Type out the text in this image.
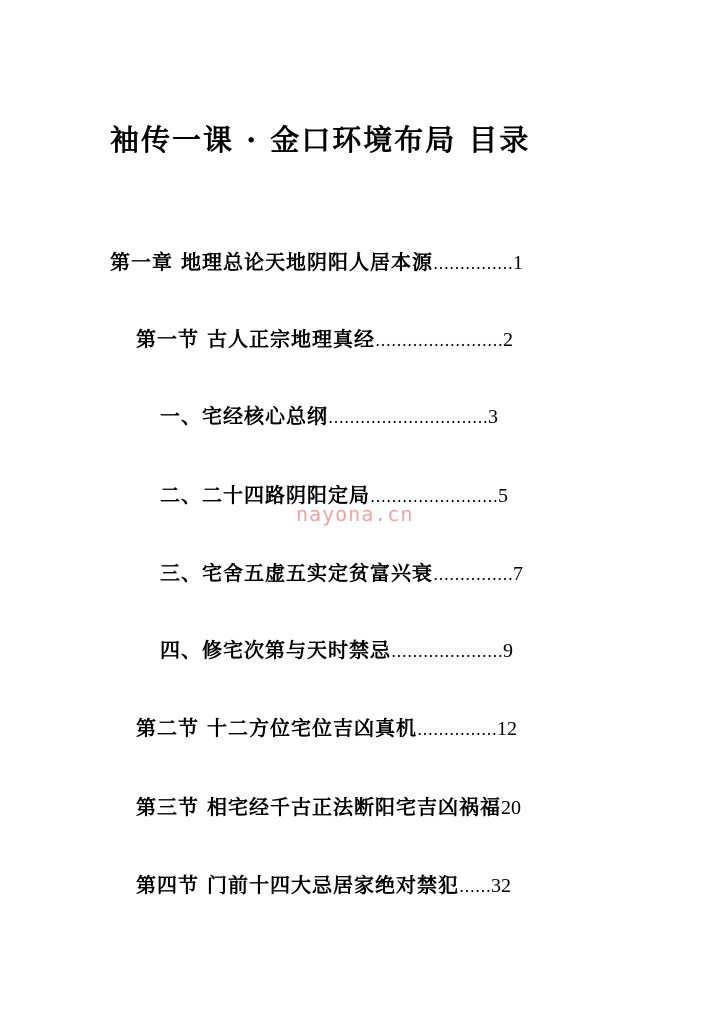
袖传一课 · 金口环境布局 目录
第一章 地理总论天地阴阳人居本源 …………… 1
第一节 古人正宗地理真经 …………………… 2
一、宅经核心总纲 ………………………… 3
二、二十四路阴阳定局 …………………… 5
nayona.cn
三、宅舍五虚五实定贫富兴衰 …………… 7
四、修宅次第与天时禁忌 ………………… 9
第二节 十二方位宅位吉凶真机 …………… 12
第三节 相宅经千古正法断阳宅吉凶祸福 20
第四节 门前十四大忌居家绝对禁犯 …… 32
